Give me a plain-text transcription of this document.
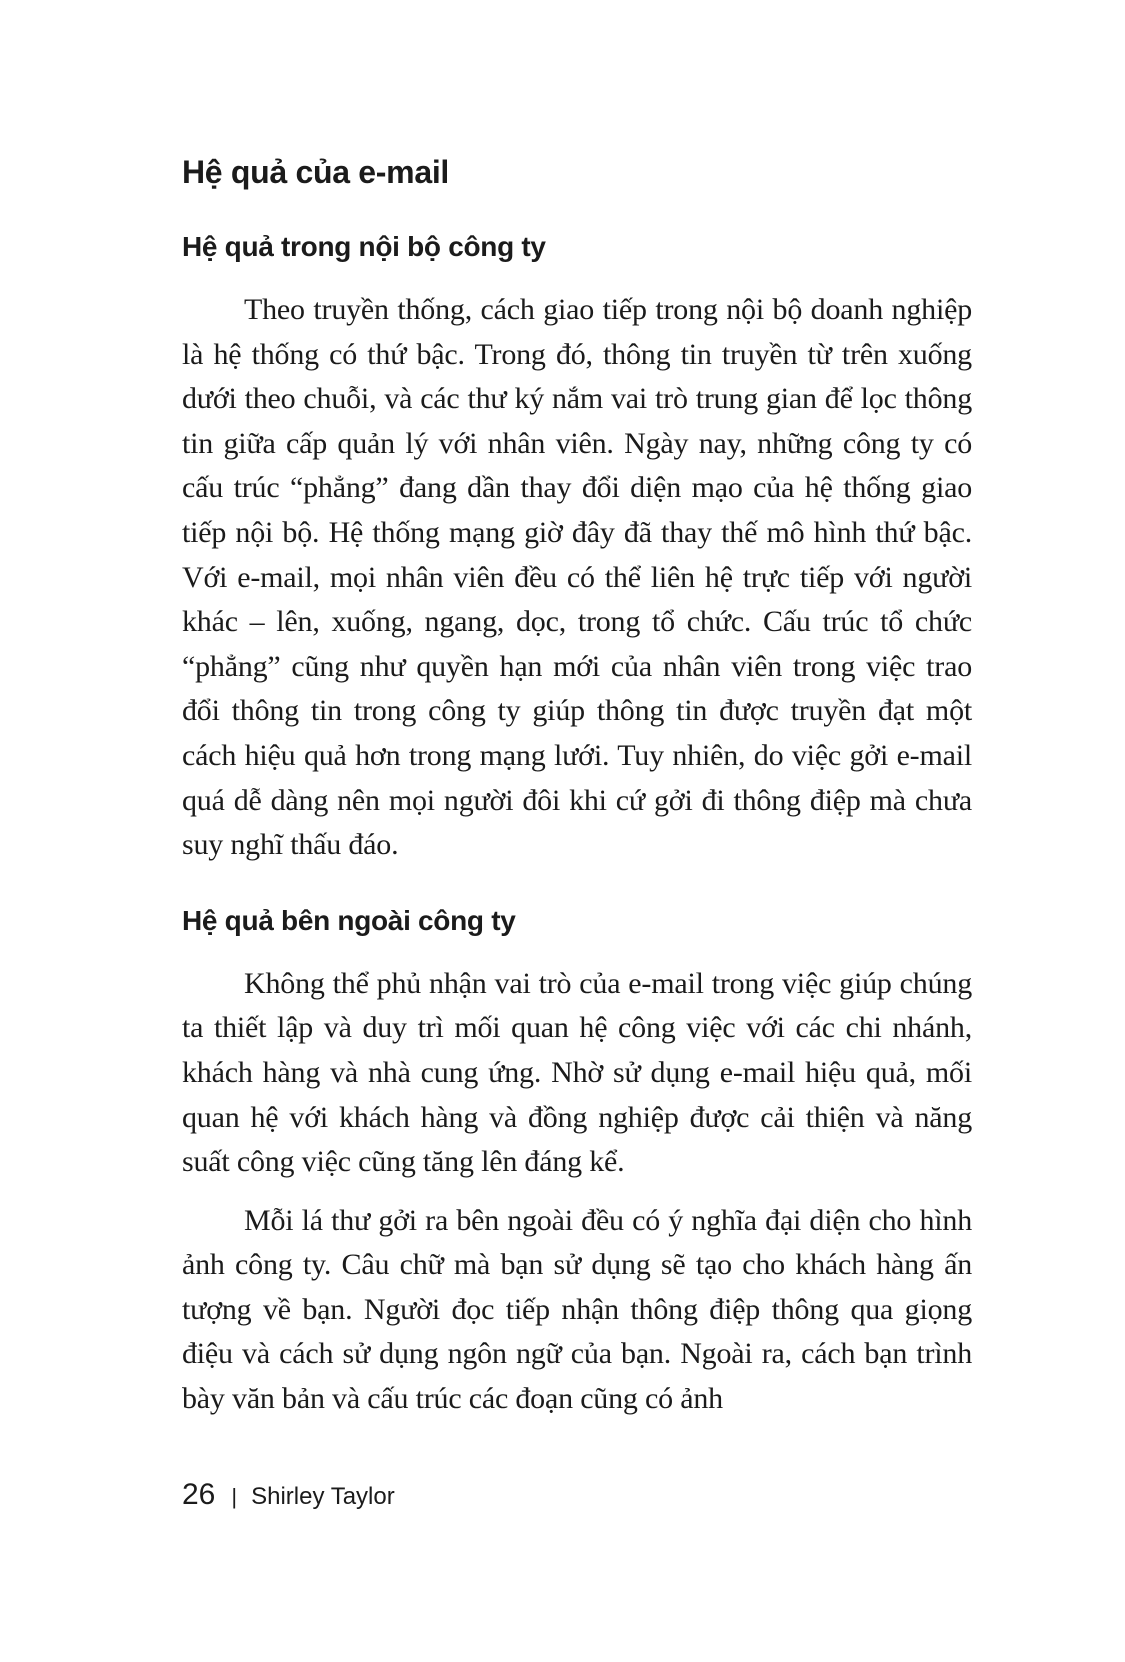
Hệ quả của e-mail
Hệ quả trong nội bộ công ty

Theo truyền thống, cách giao tiếp trong nội bộ doanh nghiệp là hệ thống có thứ bậc. Trong đó, thông tin truyền từ trên xuống dưới theo chuỗi, và các thư ký nắm vai trò trung gian để lọc thông tin giữa cấp quản lý với nhân viên. Ngày nay, những công ty có cấu trúc “phẳng” đang dần thay đổi diện mạo của hệ thống giao tiếp nội bộ. Hệ thống mạng giờ đây đã thay thế mô hình thứ bậc. Với e-mail, mọi nhân viên đều có thể liên hệ trực tiếp với người khác – lên, xuống, ngang, dọc, trong tổ chức. Cấu trúc tổ chức “phẳng” cũng như quyền hạn mới của nhân viên trong việc trao đổi thông tin trong công ty giúp thông tin được truyền đạt một cách hiệu quả hơn trong mạng lưới. Tuy nhiên, do việc gởi e-mail quá dễ dàng nên mọi người đôi khi cứ gởi đi thông điệp mà chưa suy nghĩ thấu đáo.

Hệ quả bên ngoài công ty

Không thể phủ nhận vai trò của e-mail trong việc giúp chúng ta thiết lập và duy trì mối quan hệ công việc với các chi nhánh, khách hàng và nhà cung ứng. Nhờ sử dụng e-mail hiệu quả, mối quan hệ với khách hàng và đồng nghiệp được cải thiện và năng suất công việc cũng tăng lên đáng kể.

Mỗi lá thư gởi ra bên ngoài đều có ý nghĩa đại diện cho hình ảnh công ty. Câu chữ mà bạn sử dụng sẽ tạo cho khách hàng ấn tượng về bạn. Người đọc tiếp nhận thông điệp thông qua giọng điệu và cách sử dụng ngôn ngữ của bạn. Ngoài ra, cách bạn trình bày văn bản và cấu trúc các đoạn cũng có ảnh

26 | Shirley Taylor
